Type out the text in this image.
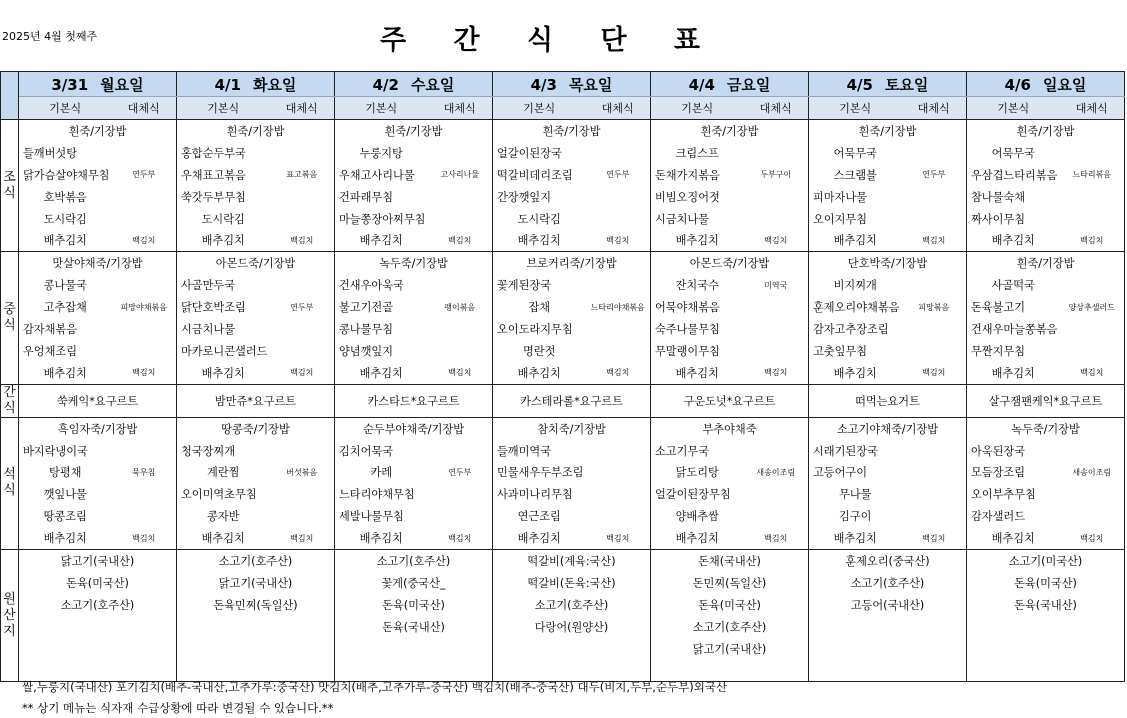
2025년 4월 첫째주	주 간 식 단 표
	3/31 월요일		4/1 화요일		4/2 수요일		4/3 목요일		4/4 금요일		4/5 토요일		4/6 일요일	
	기본식	대체식	기본식	대체식	기본식	대체식	기본식	대체식	기본식	대체식	기본식	대체식	기본식	대체식
조식	흰죽/기장밥		흰죽/기장밥		흰죽/기장밥		흰죽/기장밥		흰죽/기장밥		흰죽/기장밥		흰죽/기장밥	
	들깨버섯탕		홍합순두부국		누룽지탕		얼갈이된장국		크림스프		어묵무국		어묵무국	
	닭가슴살야채무침	연두부	우채표고볶음	표고볶음	우채고사리나물	고사리나물	떡갈비데리조림	연두부	돈채가지볶음	두부구이	스크램블	연두부	우삼겹느타리볶음	느타리볶음
	호박볶음		쑥갓두부무침		건파래무침		간장깻잎지		비빔오징어젓		피마자나물		참나물숙채	
	도시락김		도시락김		마늘쫑장아찌무침		도시락김		시금치나물		오이지무침		짜사이무침	
	배추김치	백김치	배추김치	백김치	배추김치	백김치	배추김치	백김치	배추김치	백김치	배추김치	백김치	배추김치	백김치
중식	맛살야채죽/기장밥		아몬드죽/기장밥		녹두죽/기장밥		브로커리죽/기장밥		아몬드죽/기장밥		단호박죽/기장밥		흰죽/기장밥	
	콩나물국		사골만두국		건새우아욱국		꽃게된장국		잔치국수	미역국	비지찌개		사골떡국	
	고추잡채	피망야채볶음	닭단호박조림	연두부	불고기전골	팽이볶음	잡채	느타리야채볶음	어묵야채볶음		훈제오리야채볶음	피망볶음	돈육불고기	양상추샐러드
	감자채볶음		시금치나물		콩나물무침		오이도라지무침		숙주나물무침		감자고추장조림		건새우마늘쫑볶음	
	우엉채조림		마카로니콘샐러드		양념깻잎지		명란젓		무말랭이무침		고춧잎무침		무짠지무침	
	배추김치	백김치	배추김치	백김치	배추김치	백김치	배추김치	백김치	배추김치	백김치	배추김치	백김치	배추김치	백김치
간식	쑥케익*요구르트		밤만쥬*요구르트		카스타드*요구르트		카스테라롤*요구르트		구운도넛*요구르트		떠먹는요거트		살구잼팬케익*요구르트	
석식	흑임자죽/기장밥		땅콩죽/기장밥		순두부야채죽/기장밥		참치죽/기장밥		부추야채죽		소고기야채죽/기장밥		녹두죽/기장밥	
	바지락냉이국		청국장찌개		김치어묵국		들깨미역국		소고기무국		시래기된장국		아욱된장국	
	탕평채	묵무침	계란찜	버섯볶음	카레	연두부	민물새우두부조림		닭도리탕	새송이조림	고등어구이		모듬장조림	새송이조림
	깻잎나물		오이미역초무침		느타리야채무침		사과미나리무침		얼갈이된장무침		무나물		오이부추무침	
	땅콩조림		콩자반		세발나물무침		연근조림		양배추쌈		김구이		감자샐러드	
	배추김치	백김치	배추김치	백김치	배추김치	백김치	배추김치	백김치	배추김치	백김치	배추김치	백김치	배추김치	백김치
원산지	닭고기(국내산)		소고기(호주산)		소고기(호주산)		떡갈비(계육:국산)		돈채(국내산)		훈제오리(중국산)		소고기(미국산)	
	돈육(미국산)		닭고기(국내산)		꽃게(중국산_		떡갈비(돈육:국산)		돈민찌(독일산)		소고기(호주산)		돈육(미국산)	
	소고기(호주산)		돈육민찌(독일산)		돈육(미국산)		소고기(호주산)		돈육(미국산)		고등어(국내산)		돈육(국내산)	
					돈육(국내산)		다랑어(원양산)		소고기(호주산)					
									닭고기(국내산)					

쌀,누룽지(국내산) 포기김치(배추-국내산,고추가루:중국산) 맛김치(배추,고추가루-중국산) 백김치(배추-중국산) 대두(비지,두부,순두부)외국산
** 상기 메뉴는 식자재 수급상황에 따라 변경될 수 있습니다.**
